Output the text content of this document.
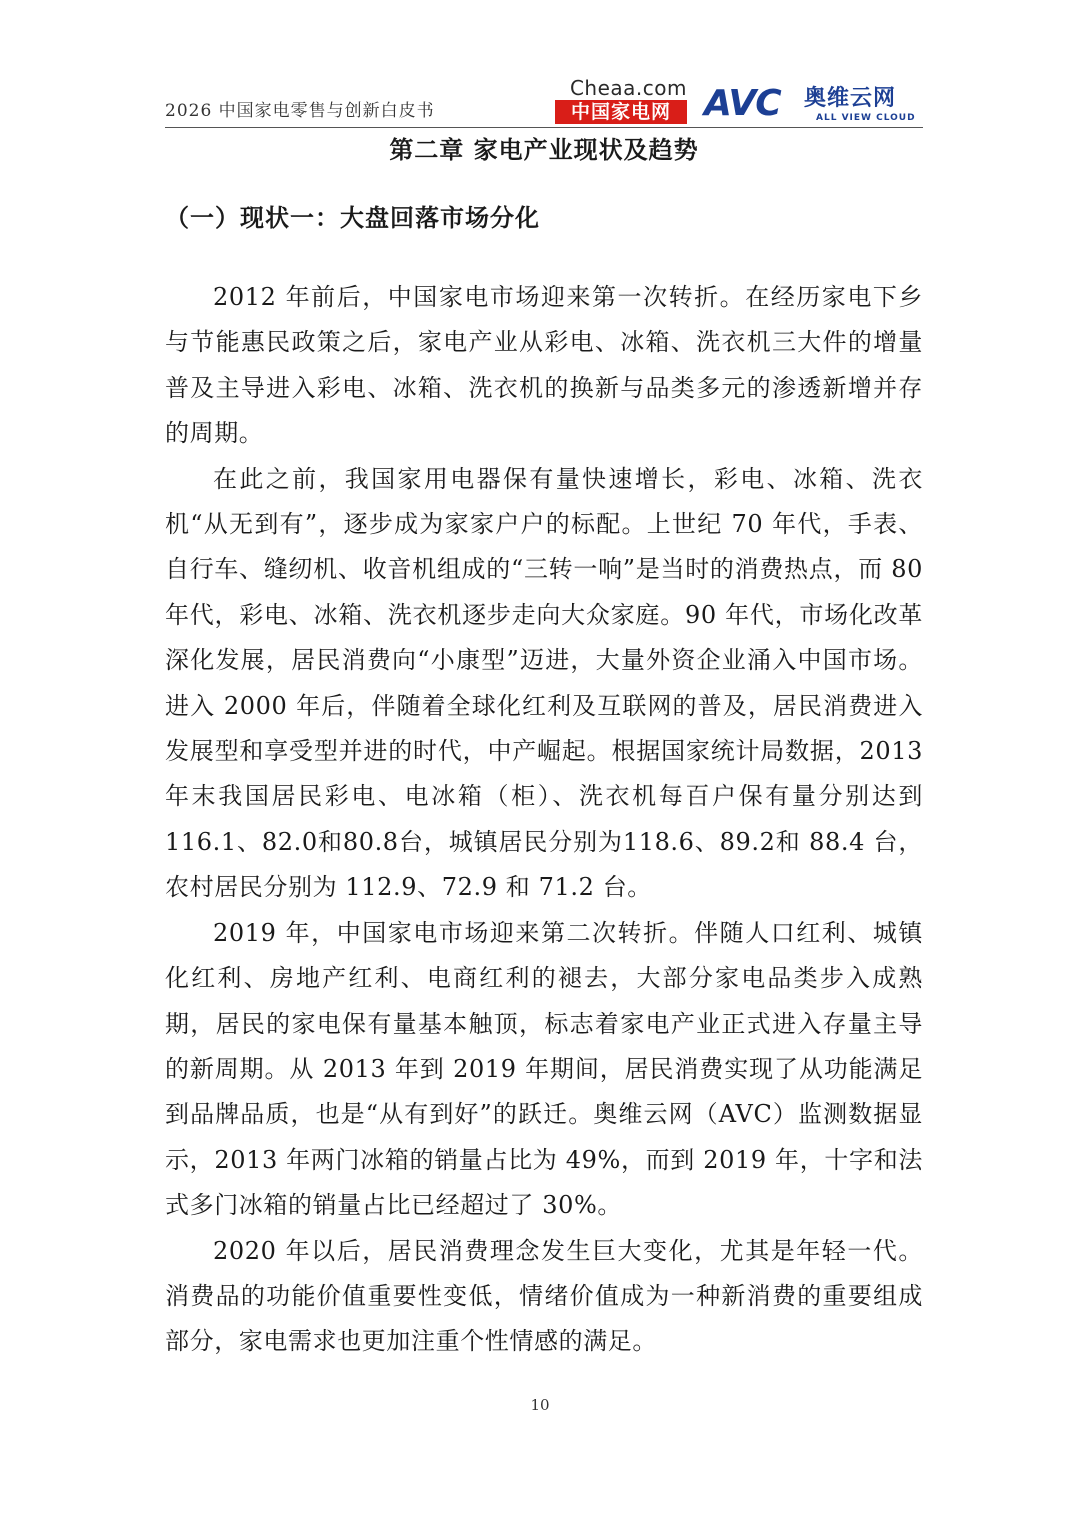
2026 中国家电零售与创新白皮书
Cheaa.com
中国家电网 AVC 奥维云网
ALL VIEW CLOUD
第二章 家电产业现状及趋势
（一）现状一：大盘回落市场分化

2012 年前后，中国家电市场迎来第一次转折。在经历家电下乡与节能惠民政策之后，家电产业从彩电、冰箱、洗衣机三大件的增量普及主导进入彩电、冰箱、洗衣机的换新与品类多元的渗透新增并存的周期。

在此之前，我国家用电器保有量快速增长，彩电、冰箱、洗衣机“从无到有”，逐步成为家家户户的标配。上世纪 70 年代，手表、自行车、缝纫机、收音机组成的“三转一响”是当时的消费热点，而 80 年代，彩电、冰箱、洗衣机逐步走向大众家庭。90 年代，市场化改革深化发展，居民消费向“小康型”迈进，大量外资企业涌入中国市场。进入 2000 年后，伴随着全球化红利及互联网的普及，居民消费进入发展型和享受型并进的时代，中产崛起。根据国家统计局数据，2013 年末我国居民彩电、电冰箱（柜）、洗衣机每百户保有量分别达到116.1、82.0和80.8台，城镇居民分别为118.6、89.2和 88.4 台，农村居民分别为 112.9、72.9 和 71.2 台。

2019 年，中国家电市场迎来第二次转折。伴随人口红利、城镇化红利、房地产红利、电商红利的褪去，大部分家电品类步入成熟期，居民的家电保有量基本触顶，标志着家电产业正式进入存量主导的新周期。从 2013 年到 2019 年期间，居民消费实现了从功能满足到品牌品质，也是“从有到好”的跃迁。奥维云网（AVC）监测数据显示，2013 年两门冰箱的销量占比为 49%，而到 2019 年，十字和法式多门冰箱的销量占比已经超过了 30%。

2020 年以后，居民消费理念发生巨大变化，尤其是年轻一代。消费品的功能价值重要性变低，情绪价值成为一种新消费的重要组成部分，家电需求也更加注重个性情感的满足。

10
